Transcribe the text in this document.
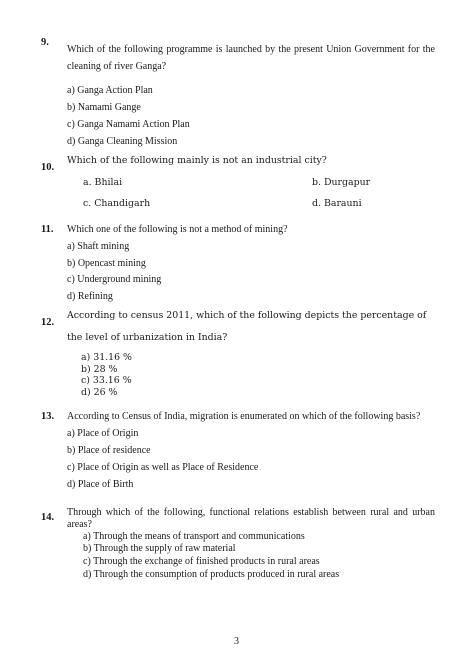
9.
Which of the following programme is launched by the present Union Government for the
cleaning of river Ganga?
a) Ganga Action Plan
b) Namami Gange
c) Ganga Namami Action Plan
d) Ganga Cleaning Mission
10.
Which of the following mainly is not an industrial city?
a. Bhilai	b. Durgapur
c. Chandigarh	d. Barauni
11. Which one of the following is not a method of mining?
a) Shaft mining
b) Opencast mining
c) Underground mining
d) Refining
12.
According to census 2011, which of the following depicts the percentage of
the level of urbanization in India?
a) 31.16 %
b) 28 %
c) 33.16 %
d) 26 %
13. According to Census of India, migration is enumerated on which of the following basis?
a) Place of Origin
b) Place of residence
c) Place of Origin as well as Place of Residence
d) Place of Birth
14. Through which of the following, functional relations establish between rural and urban
areas?
a) Through the means of transport and communications
b) Through the supply of raw material
c) Through the exchange of finished products in rural areas
d) Through the consumption of products produced in rural areas
3
